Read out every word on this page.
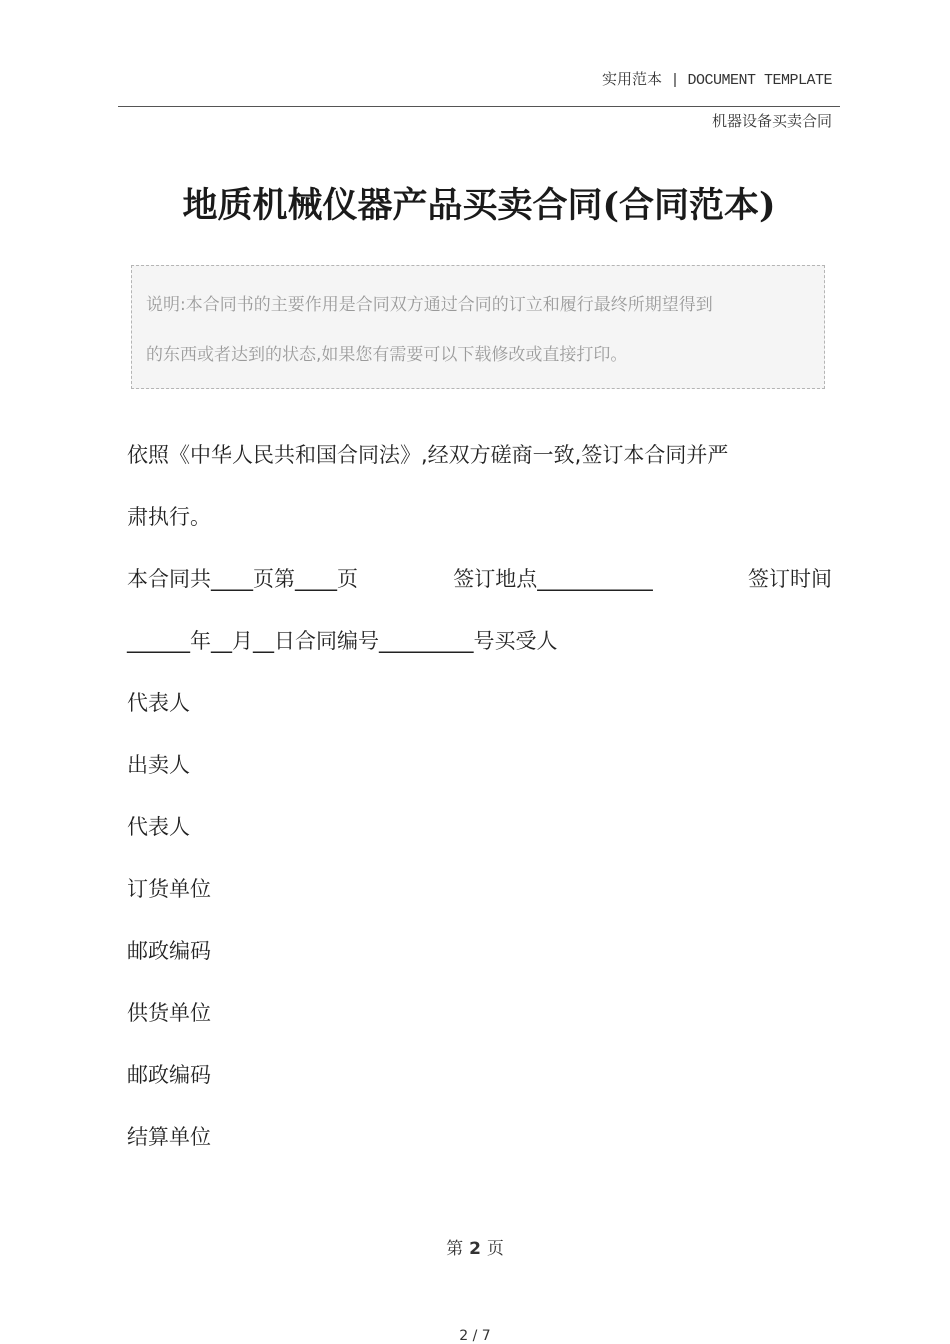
实用范本 | DOCUMENT TEMPLATE
机器设备买卖合同
地质机械仪器产品买卖合同(合同范本)
说明:本合同书的主要作用是合同双方通过合同的订立和履行最终所期望得到
的东西或者达到的状态,如果您有需要可以下载修改或直接打印。
依照《中华人民共和国合同法》,经双方磋商一致,签订本合同并严
肃执行。
本合同共____页第____页	签订地点___________	签订时间
______年__月__日合同编号_________号买受人
代表人
出卖人
代表人
订货单位
邮政编码
供货单位
邮政编码
结算单位
第 2 页
2 / 7
